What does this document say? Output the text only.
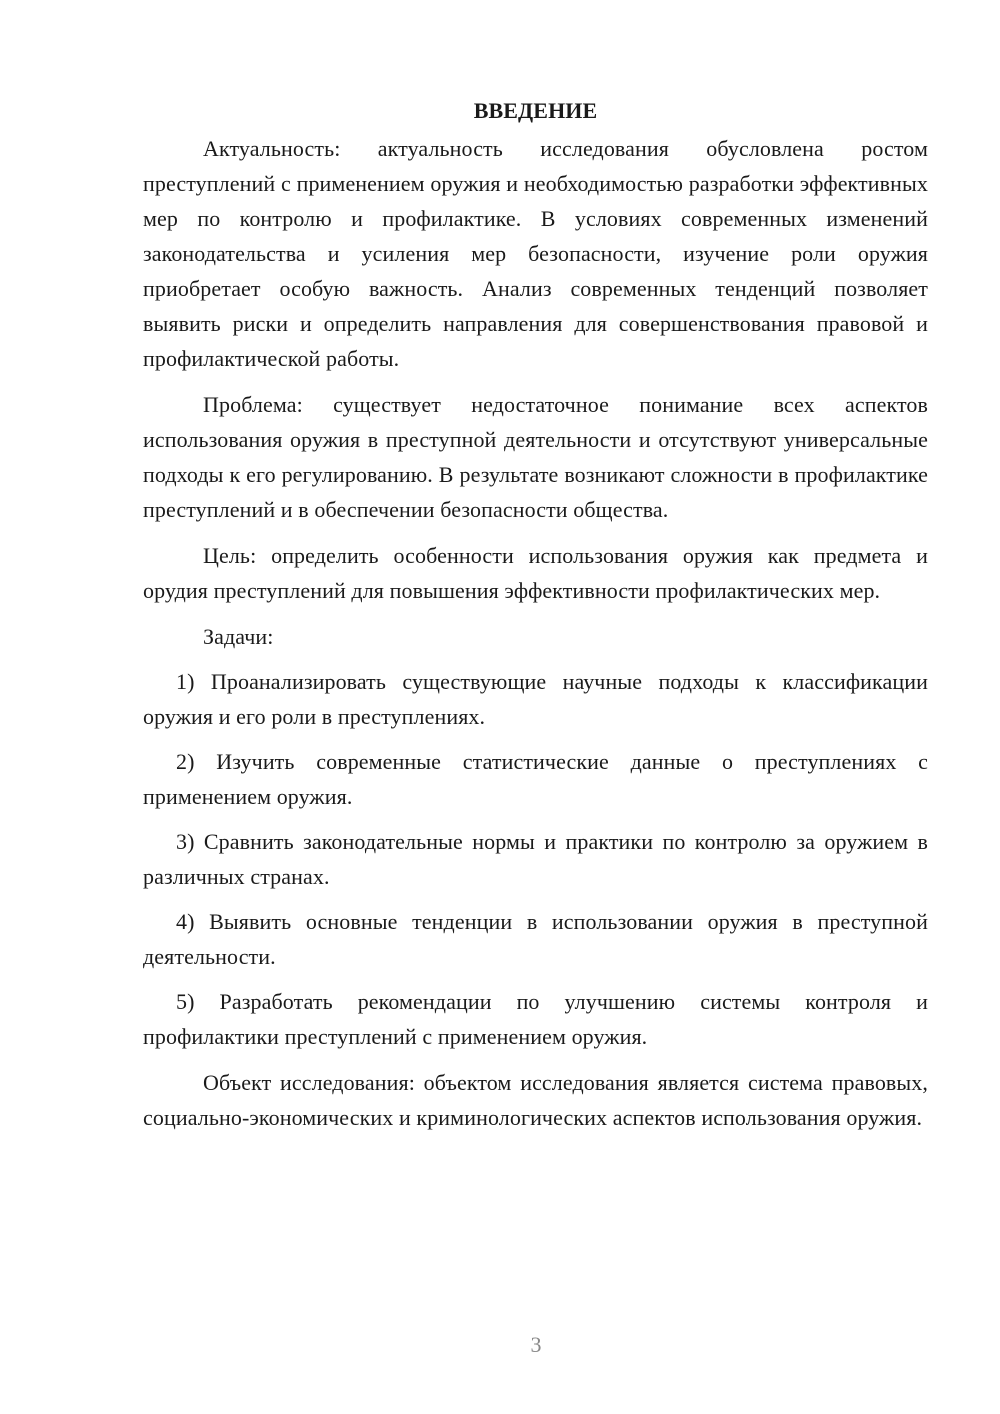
ВВЕДЕНИЕ

Актуальность: актуальность исследования обусловлена ростом преступлений с применением оружия и необходимостью разработки эффективных мер по контролю и профилактике. В условиях современных изменений законодательства и усиления мер безопасности, изучение роли оружия приобретает особую важность. Анализ современных тенденций позволяет выявить риски и определить направления для совершенствования правовой и профилактической работы.

Проблема: существует недостаточное понимание всех аспектов использования оружия в преступной деятельности и отсутствуют универсальные подходы к его регулированию. В результате возникают сложности в профилактике преступлений и в обеспечении безопасности общества.

Цель: определить особенности использования оружия как предмета и орудия преступлений для повышения эффективности профилактических мер.

Задачи:

1) Проанализировать существующие научные подходы к классификации оружия и его роли в преступлениях.

2) Изучить современные статистические данные о преступлениях с применением оружия.

3) Сравнить законодательные нормы и практики по контролю за оружием в различных странах.

4) Выявить основные тенденции в использовании оружия в преступной деятельности.

5) Разработать рекомендации по улучшению системы контроля и профилактики преступлений с применением оружия.

Объект исследования: объектом исследования является система правовых, социально-экономических и криминологических аспектов использования оружия.

3
